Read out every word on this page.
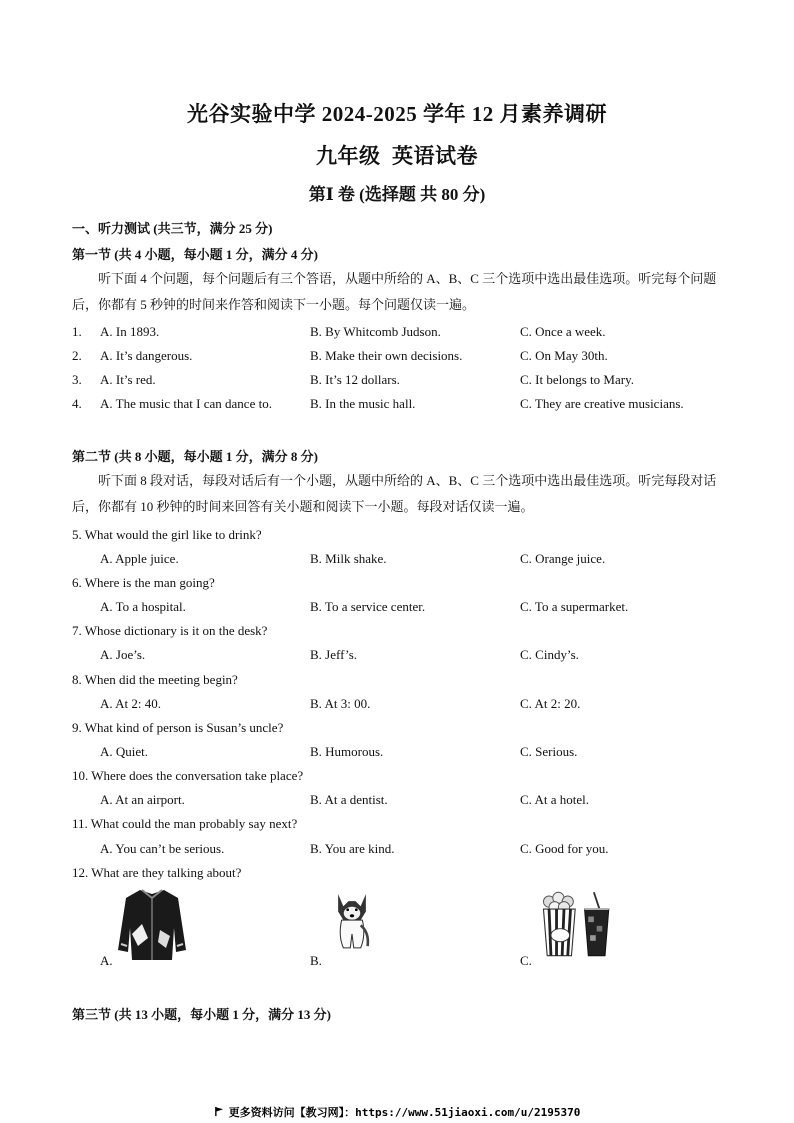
光谷实验中学 2024-2025 学年 12 月素养调研
九年级  英语试卷
第Ⅰ 卷 (选择题 共 80 分)
一、听力测试 (共三节，满分 25 分)
第一节 (共 4 小题，每小题 1 分，满分 4 分)
听下面 4 个问题，每个问题后有三个答语，从题中所给的 A、B、C 三个选项中选出最佳选项。听完每个问题后，你都有 5 秒钟的时间来作答和阅读下一小题。每个问题仅读一遍。
1. A. In 1893.	B. By Whitcomb Judson.	C. Once a week.
2. A. It’s dangerous.	B. Make their own decisions.	C. On May 30th.
3. A. It’s red.	B. It’s 12 dollars.	C. It belongs to Mary.
4. A. The music that I can dance to.	B. In the music hall.	C. They are creative musicians.
第二节 (共 8 小题，每小题 1 分，满分 8 分)
听下面 8 段对话，每段对话后有一个小题，从题中所给的 A、B、C 三个选项中选出最佳选项。听完每段对话后，你都有 10 秒钟的时间来回答有关小题和阅读下一小题。每段对话仅读一遍。
5. What would the girl like to drink?
A. Apple juice.	B. Milk shake.	C. Orange juice.
6. Where is the man going?
A. To a hospital.	B. To a service center.	C. To a supermarket.
7. Whose dictionary is it on the desk?
A. Joe’s.	B. Jeff’s.	C. Cindy’s.
8. When did the meeting begin?
A. At 2: 40.	B. At 3: 00.	C. At 2: 20.
9. What kind of person is Susan’s uncle?
A. Quiet.	B. Humorous.	C. Serious.
10. Where does the conversation take place?
A. At an airport.	B. At a dentist.	C. At a hotel.
11. What could the man probably say next?
A. You can’t be serious.	B. You are kind.	C. Good for you.
12. What are they talking about?
A.	B.	C.
第三节 (共 13 小题，每小题 1 分，满分 13 分)
更多资料访问【教习网】：https://www.51jiaoxi.com/u/2195370
